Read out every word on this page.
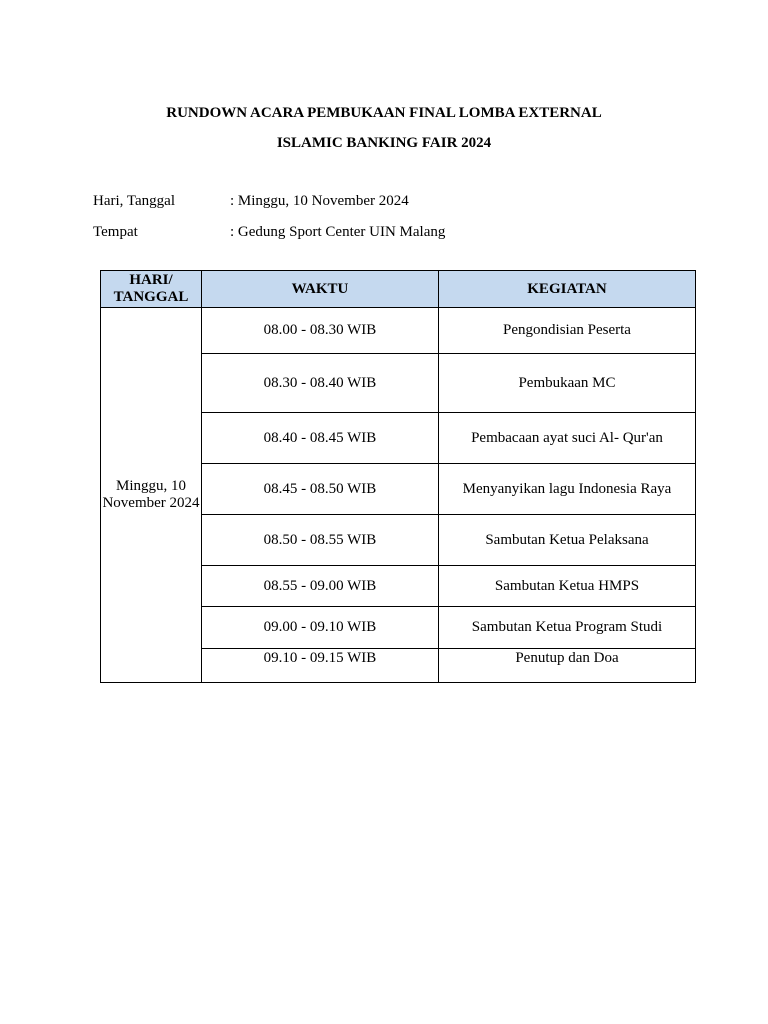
RUNDOWN ACARA PEMBUKAAN FINAL LOMBA EXTERNAL
ISLAMIC BANKING FAIR 2024
Hari, Tanggal	: Minggu, 10 November 2024
Tempat	: Gedung Sport Center UIN Malang
HARI/ TANGGAL	WAKTU	KEGIATAN
Minggu, 10 November 2024	08.00 - 08.30 WIB	Pengondisian Peserta
	08.30 - 08.40 WIB	Pembukaan MC
	08.40 - 08.45 WIB	Pembacaan ayat suci Al- Qur'an
	08.45 - 08.50 WIB	Menyanyikan lagu Indonesia Raya
	08.50 - 08.55 WIB	Sambutan Ketua Pelaksana
	08.55 - 09.00 WIB	Sambutan Ketua HMPS
	09.00 - 09.10 WIB	Sambutan Ketua Program Studi
	09.10 - 09.15 WIB	Penutup dan Doa
